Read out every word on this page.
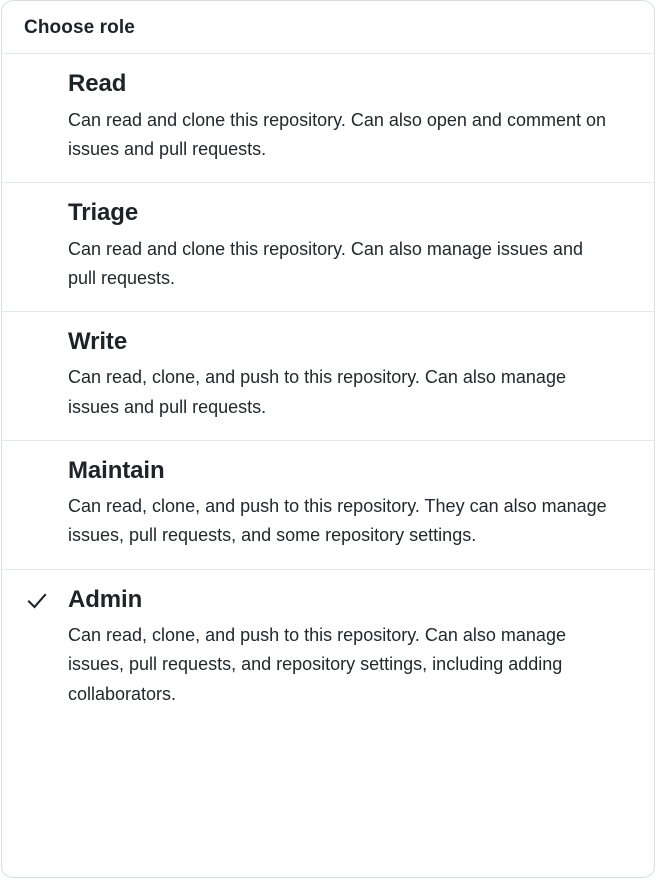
Choose role
Read
Can read and clone this repository. Can also open and comment on issues and pull requests.
Triage
Can read and clone this repository. Can also manage issues and pull requests.
Write
Can read, clone, and push to this repository. Can also manage issues and pull requests.
Maintain
Can read, clone, and push to this repository. They can also manage issues, pull requests, and some repository settings.
Admin
Can read, clone, and push to this repository. Can also manage issues, pull requests, and repository settings, including adding collaborators.
